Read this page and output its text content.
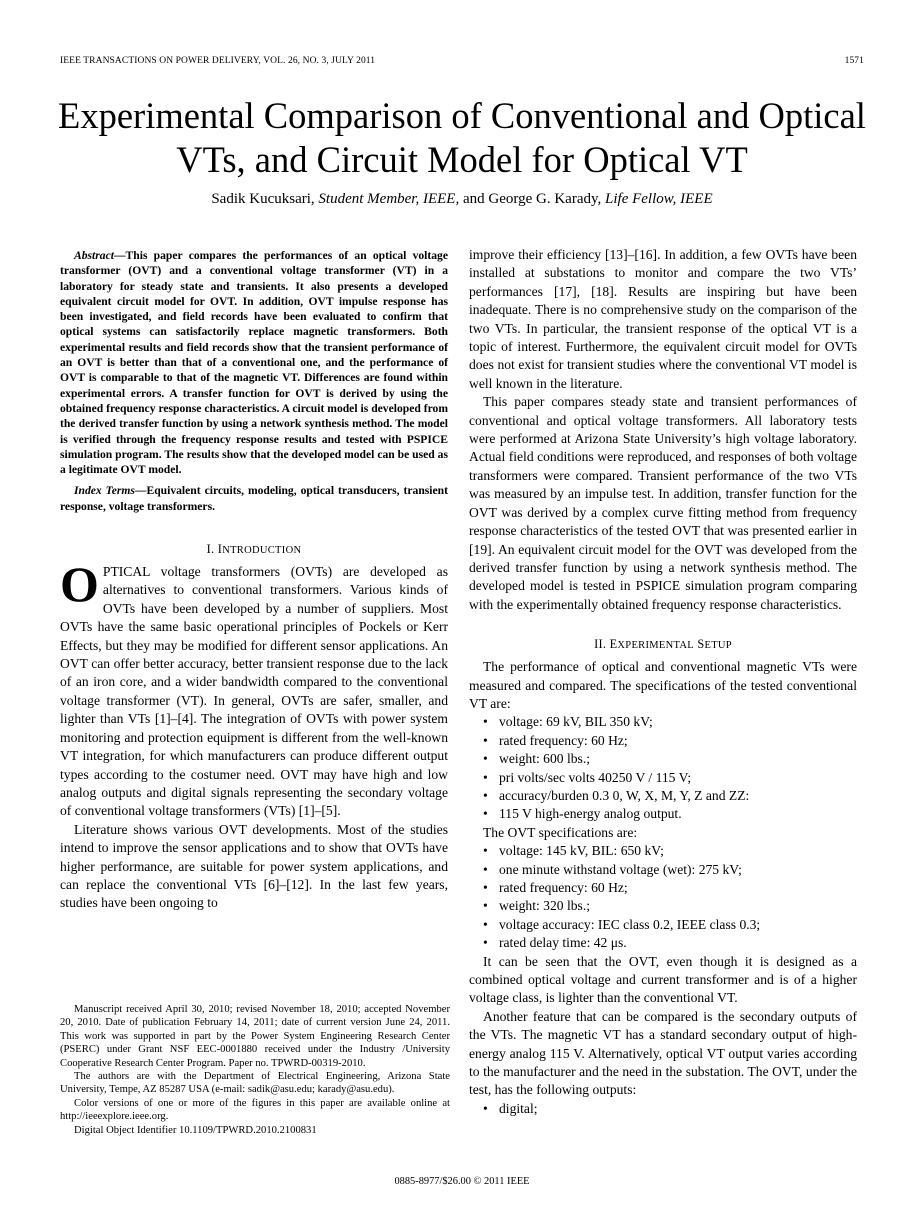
IEEE TRANSACTIONS ON POWER DELIVERY, VOL. 26, NO. 3, JULY 2011	1571
Experimental Comparison of Conventional and Optical VTs, and Circuit Model for Optical VT
Sadik Kucuksari, Student Member, IEEE, and George G. Karady, Life Fellow, IEEE

Abstract—This paper compares the performances of an optical voltage transformer (OVT) and a conventional voltage transformer (VT) in a laboratory for steady state and transients. It also presents a developed equivalent circuit model for OVT. In addition, OVT impulse response has been investigated, and field records have been evaluated to confirm that optical systems can satisfactorily replace magnetic transformers. Both experimental results and field records show that the transient performance of an OVT is better than that of a conventional one, and the performance of OVT is comparable to that of the magnetic VT. Differences are found within experimental errors. A transfer function for OVT is derived by using the obtained frequency response characteristics. A circuit model is developed from the derived transfer function by using a network synthesis method. The model is verified through the frequency response results and tested with PSPICE simulation program. The results show that the developed model can be used as a legitimate OVT model.

Index Terms—Equivalent circuits, modeling, optical transducers, transient response, voltage transformers.

I. INTRODUCTION

OPTICAL voltage transformers (OVTs) are developed as alternatives to conventional transformers. Various kinds of OVTs have been developed by a number of suppliers. Most OVTs have the same basic operational principles of Pockels or Kerr Effects, but they may be modified for different sensor applications. An OVT can offer better accuracy, better transient response due to the lack of an iron core, and a wider bandwidth compared to the conventional voltage transformer (VT). In general, OVTs are safer, smaller, and lighter than VTs [1]–[4]. The integration of OVTs with power system monitoring and protection equipment is different from the well-known VT integration, for which manufacturers can produce different output types according to the costumer need. OVT may have high and low analog outputs and digital signals representing the secondary voltage of conventional voltage transformers (VTs) [1]–[5].

Literature shows various OVT developments. Most of the studies intend to improve the sensor applications and to show that OVTs have higher performance, are suitable for power system applications, and can replace the conventional VTs [6]–[12]. In the last few years, studies have been ongoing to

Manuscript received April 30, 2010; revised November 18, 2010; accepted November 20, 2010. Date of publication February 14, 2011; date of current version June 24, 2011. This work was supported in part by the Power System Engineering Research Center (PSERC) under Grant NSF EEC-0001880 received under the Industry /University Cooperative Research Center Program. Paper no. TPWRD-00319-2010.

The authors are with the Department of Electrical Engineering, Arizona State University, Tempe, AZ 85287 USA (e-mail: sadik@asu.edu; karady@asu.edu).

Color versions of one or more of the figures in this paper are available online at http://ieeexplore.ieee.org.

Digital Object Identifier 10.1109/TPWRD.2010.2100831

improve their efficiency [13]–[16]. In addition, a few OVTs have been installed at substations to monitor and compare the two VTs’ performances [17], [18]. Results are inspiring but have been inadequate. There is no comprehensive study on the comparison of the two VTs. In particular, the transient response of the optical VT is a topic of interest. Furthermore, the equivalent circuit model for OVTs does not exist for transient studies where the conventional VT model is well known in the literature.

This paper compares steady state and transient performances of conventional and optical voltage transformers. All laboratory tests were performed at Arizona State University’s high voltage laboratory. Actual field conditions were reproduced, and responses of both voltage transformers were compared. Transient performance of the two VTs was measured by an impulse test. In addition, transfer function for the OVT was derived by a complex curve fitting method from frequency response characteristics of the tested OVT that was presented earlier in [19]. An equivalent circuit model for the OVT was developed from the derived transfer function by using a network synthesis method. The developed model is tested in PSPICE simulation program comparing with the experimentally obtained frequency response characteristics.

II. EXPERIMENTAL SETUP

The performance of optical and conventional magnetic VTs were measured and compared. The specifications of the tested conventional VT are:

• voltage: 69 kV, BIL 350 kV;
• rated frequency: 60 Hz;
• weight: 600 lbs.;
• pri volts/sec volts 40250 V / 115 V;
• accuracy/burden 0.3 0, W, X, M, Y, Z and ZZ:
• 115 V high-energy analog output.

The OVT specifications are:

• voltage: 145 kV, BIL: 650 kV;
• one minute withstand voltage (wet): 275 kV;
• rated frequency: 60 Hz;
• weight: 320 lbs.;
• voltage accuracy: IEC class 0.2, IEEE class 0.3;
• rated delay time: 42 μs.

It can be seen that the OVT, even though it is designed as a combined optical voltage and current transformer and is of a higher voltage class, is lighter than the conventional VT.

Another feature that can be compared is the secondary outputs of the VTs. The magnetic VT has a standard secondary output of high-energy analog 115 V. Alternatively, optical VT output varies according to the manufacturer and the need in the substation. The OVT, under the test, has the following outputs:

• digital;
0885-8977/$26.00 © 2011 IEEE
